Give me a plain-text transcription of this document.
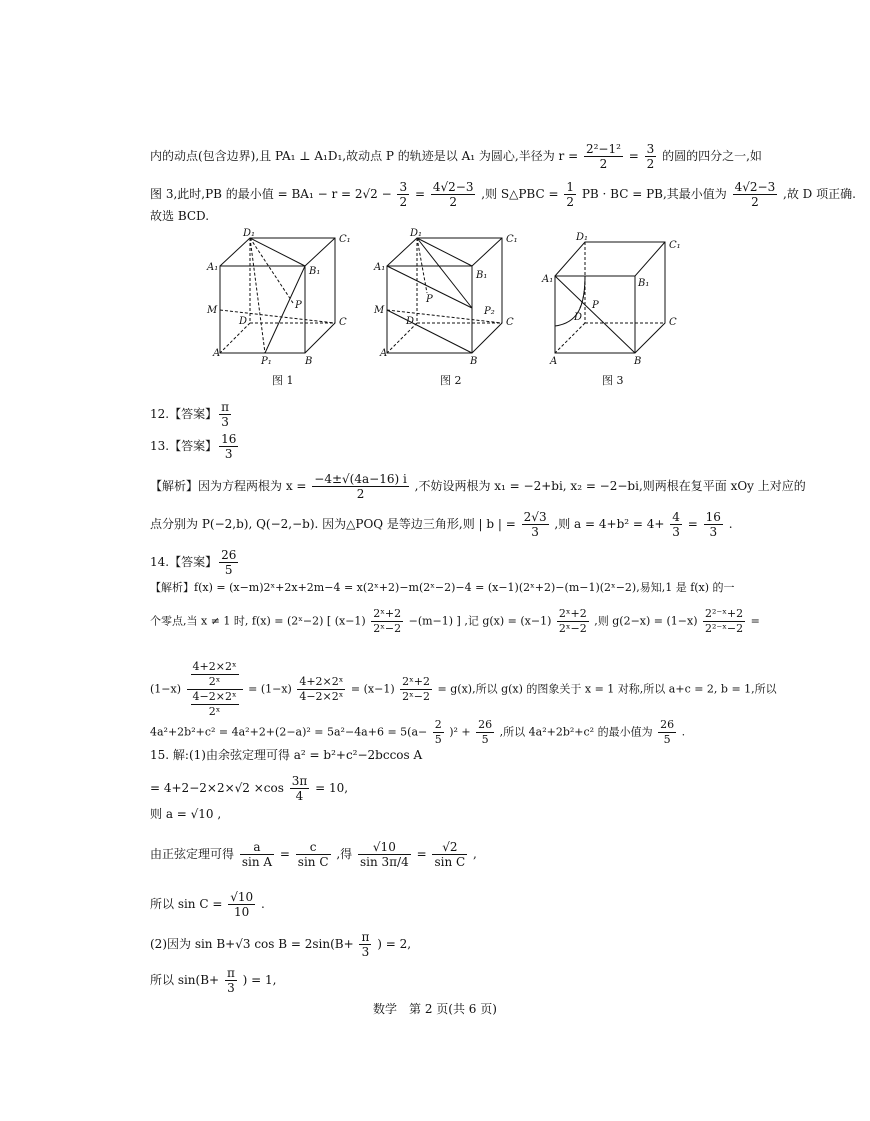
内的动点(包含边界),且 PA₁ ⊥ A₁D₁,故动点 P 的轨迹是以 A₁ 为圆心,半径为 $r = \frac{\text{2²−1²}}{2} = \frac{3}{2}$ 的圆的四分之一,如
图 3,此时,PB 的最小值 = $BA_1 - r = 2√2 - \frac{3}{2} = \frac{4√2-3}{2}$ ,则 S△PBC = $\frac{1}{2}$ PB · BC = PB,其最小值为 $\frac{4√2-3}{2}$ ,故 D 项正确.
故选 BCD.
D₁
C₁
A₁	B₁
M
D	C
A
B
P
P₁
图 1
D₁
C₁
A₁
B₁
M
D	C
A
B
P
P₂
图 2
D₁
C₁
A₁	B₁
D	C
A	B
P
图 3
12.【答案】 $\frac{\pi}{3}$
13.【答案】 $\frac{16}{3}$
【解析】因为方程两根为 $x = \frac{-4\pm√(4a-16) i}{2}$ ,不妨设两根为 x₁ = −2+bi, x₂ = −2−bi,则两根在复平面 xOy 上对应的
点分别为 P(−2,b), Q(−2,−b). 因为△POQ 是等边三角形,则 | b | = $\frac{2√3}{3}$ ,则 $a = 4+b^2 = 4+ \frac{4}{3} = \frac{16}{3}$ .
14.【答案】 $\frac{26}{5}$
【解析】f(x) = (x−m)2ˣ+2x+2m−4 = x(2ˣ+2)−m(2ˣ−2)−4 = (x−1)(2ˣ+2)−(m−1)(2ˣ−2),易知,1 是 f(x) 的一
个零点,当 x ≠ 1 时, f(x) = (2ˣ−2) [ $(x-1) \frac{\text{2ˣ+2}}{\text{2ˣ−2}} -(m-1)$ ] ,记 $g(x) = (x-1) \frac{\text{2ˣ+2}}{\text{2ˣ−2}}$ ,则 $g(2-x) = (1-x) \frac{\text{2²⁻ˣ+2}}{\text{2²⁻ˣ−2}}$ =
$(1-x) \frac{\frac{\text{4+2×2ˣ}}{\text{2ˣ}}}{\frac{\text{4−2×2ˣ}}{\text{2ˣ}}} = (1-x) \frac{\text{4+2×2ˣ}}{\text{4−2×2ˣ}} = (x-1) \frac{\text{2ˣ+2}}{\text{2ˣ−2}} = g(x)$,所以 g(x) 的图象关于 x = 1 对称,所以 a+c = 2, b = 1,所以
$4a^2+2b^2+c^2 = 4a^2+2+(2-a)^2 = 5a^2-4a+6 = 5(a- \frac{2}{5} )^2 + \frac{26}{5}$ ,所以 4a²+2b²+c² 的最小值为 $\frac{26}{5}$ .
15. 解:(1)由余弦定理可得 a² = b²+c²−2bccos A
= $4+2-2\times 2\times√2 \times\cos \frac{3\pi}{4} = 10$,
则 a = √10 ,
由正弦定理可得 $\frac{a}{\text{sin A}} = \frac{c}{\text{sin C}}$ ,得 $\frac{√10}{\sin 3\pi/4} = \frac{√2}{\text{sin C}}$ ,
所以 $\sin C = \frac{√10}{10}$ .
(2)因为 sin B+√3 $\cos B = 2\sin(B+ \frac{\pi}{3}$ ) = 2,
所以 $\sin(B+ \frac{\pi}{3}$ ) = 1,
数学　第 2 页(共 6 页)
